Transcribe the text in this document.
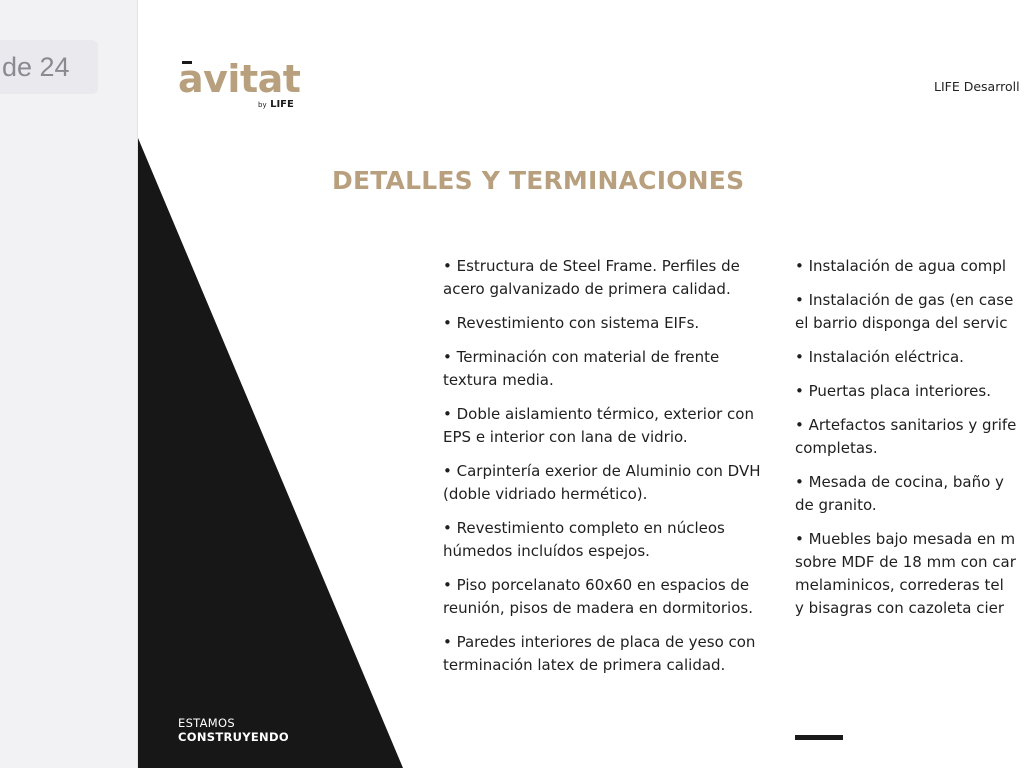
de 24	avitat
by LIFE
LIFE Desarroll
DETALLES Y TERMINACIONES
• Estructura de Steel Frame. Perfiles de acero galvanizado de primera calidad.
• Revestimiento con sistema EIFs.
• Terminación con material de frente textura media.
• Doble aislamiento térmico, exterior con EPS e interior con lana de vidrio.
• Carpintería exerior de Aluminio con DVH (doble vidriado hermético).
• Revestimiento completo en núcleos húmedos incluídos espejos.
• Piso porcelanato 60x60 en espacios de reunión, pisos de madera en dormitorios.
• Paredes interiores de placa de yeso con terminación latex de primera calidad.
• Instalación de agua compl
• Instalación de gas (en case
el barrio disponga del servic
• Instalación eléctrica.
• Puertas placa interiores.
• Artefactos sanitarios y grife
completas.
• Mesada de cocina, baño y
de granito.
• Muebles bajo mesada en m
sobre MDF de 18 mm con car
melaminicos, correderas tel
y bisagras con cazoleta cier
ESTAMOS
CONSTRUYENDO
